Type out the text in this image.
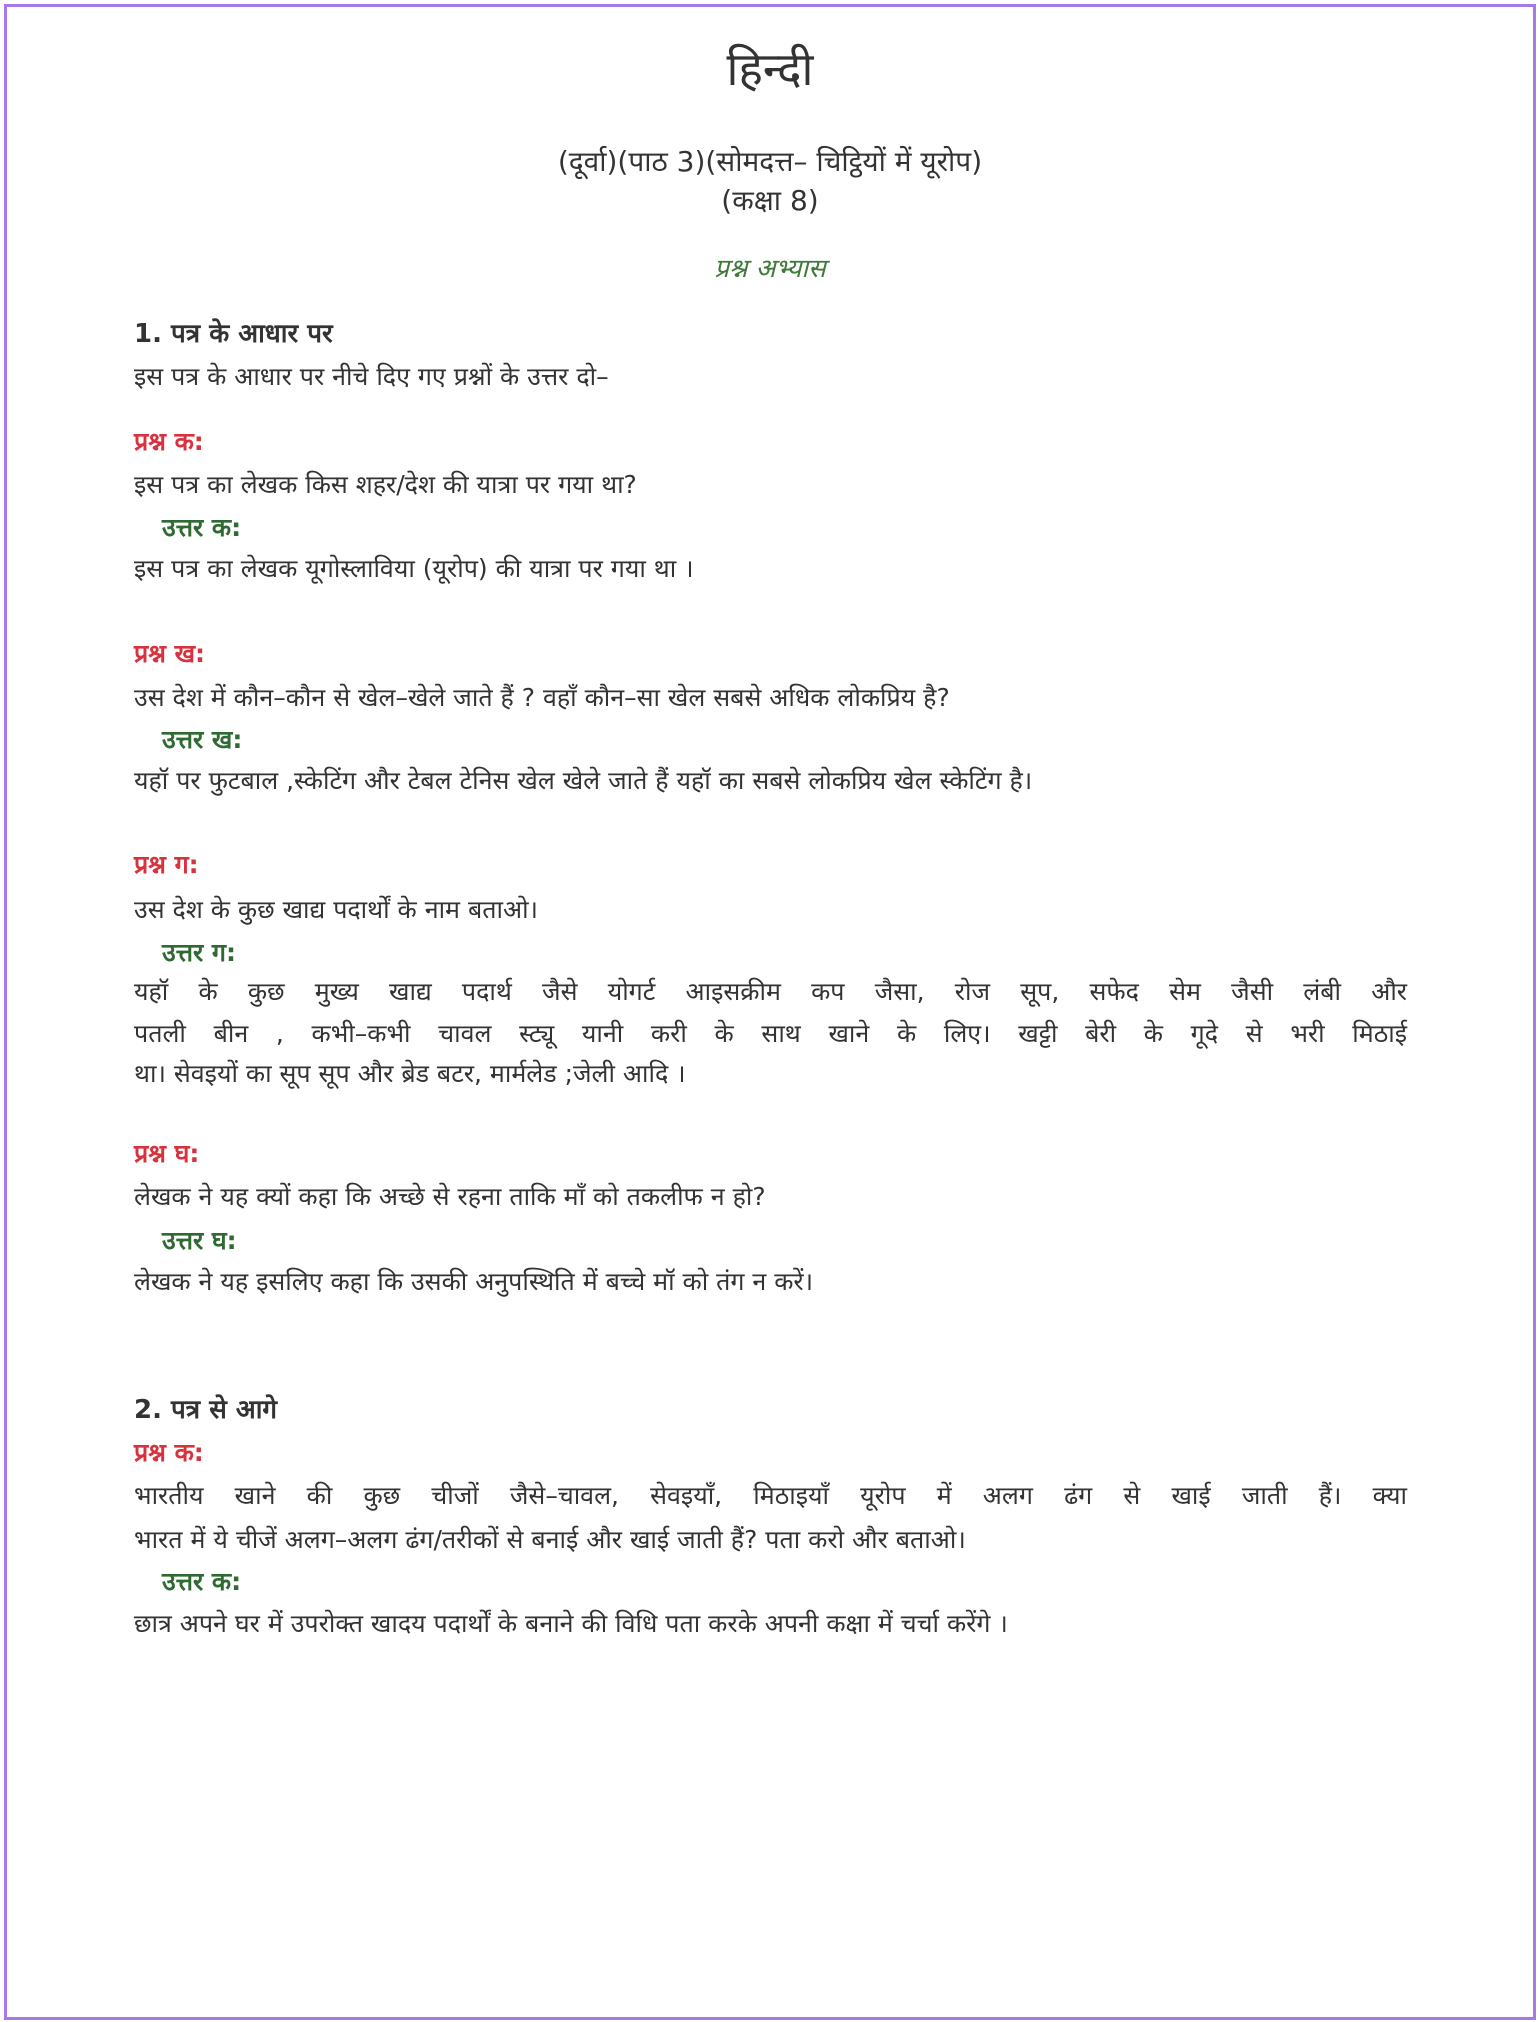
हिन्दी
(दूर्वा)(पाठ 3)(सोमदत्त– चिट्ठियों में यूरोप)
(कक्षा 8)
प्रश्न अभ्यास
1. पत्र के आधार पर
इस पत्र के आधार पर नीचे दिए गए प्रश्नों के उत्तर दो–
प्रश्न क:
इस पत्र का लेखक किस शहर/देश की यात्रा पर गया था?
उत्तर क:
इस पत्र का लेखक यूगोस्लाविया (यूरोप) की यात्रा पर गया था ।
प्रश्न ख:
उस देश में कौन–कौन से खेल–खेले जाते हैं ? वहाँ कौन–सा खेल सबसे अधिक लोकप्रिय है?
उत्तर ख:
यहॉ पर फुटबाल ,स्केटिंग और टेबल टेनिस खेल खेले जाते हैं यहॉ का सबसे लोकप्रिय खेल स्केटिंग है।
प्रश्न ग:
उस देश के कुछ खाद्य पदार्थों के नाम बताओ।
उत्तर ग:
यहॉ के कुछ मुख्य खाद्य पदार्थ जैसे योगर्ट आइसक्रीम कप जैसा, रोज सूप, सफेद सेम जैसी लंबी और
पतली बीन , कभी–कभी चावल स्ट्यू यानी करी के साथ खाने के लिए। खट्टी बेरी के गूदे से भरी मिठाई
था। सेवइयों का सूप सूप और ब्रेड बटर, मार्मलेड ;जेली आदि ।
प्रश्न घ:
लेखक ने यह क्यों कहा कि अच्छे से रहना ताकि माँ को तकलीफ न हो?
उत्तर घ:
लेखक ने यह इसलिए कहा कि उसकी अनुपस्थिति में बच्चे मॉ को तंग न करें।
2. पत्र से आगे
प्रश्न क:
भारतीय खाने की कुछ चीजों जैसे–चावल, सेवइयाँ, मिठाइयाँ यूरोप में अलग ढंग से खाई जाती हैं। क्या
भारत में ये चीजें अलग–अलग ढंग/तरीकों से बनाई और खाई जाती हैं? पता करो और बताओ।
उत्तर क:
छात्र अपने घर में उपरोक्त खादय पदार्थों के बनाने की विधि पता करके अपनी कक्षा में चर्चा करेंगे ।
